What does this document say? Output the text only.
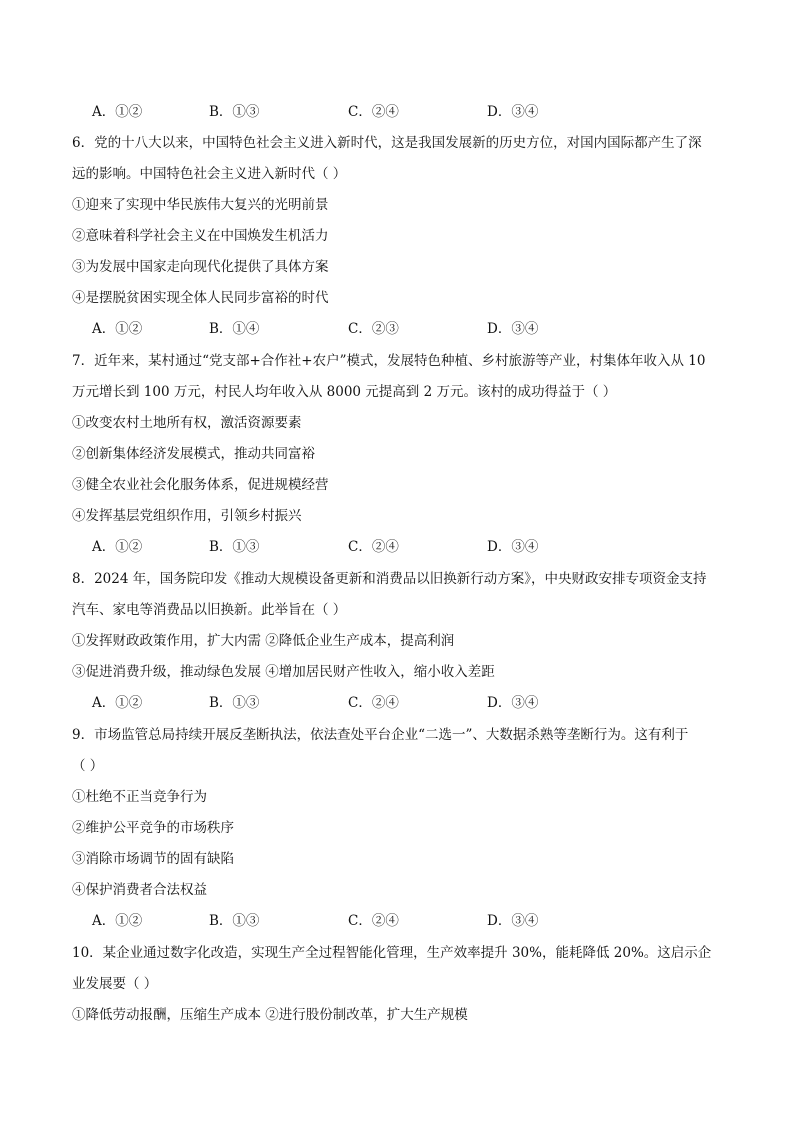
A．①②	B．①③	C．②④	D．③④
6．党的十八大以来，中国特色社会主义进入新时代，这是我国发展新的历史方位，对国内国际都产生了深
远的影响。中国特色社会主义进入新时代（ ）
①迎来了实现中华民族伟大复兴的光明前景
②意味着科学社会主义在中国焕发生机活力
③为发展中国家走向现代化提供了具体方案
④是摆脱贫困实现全体人民同步富裕的时代
A．①②	B．①④	C．②③	D．③④
7．近年来，某村通过“党支部+合作社+农户”模式，发展特色种植、乡村旅游等产业，村集体年收入从 10
万元增长到 100 万元，村民人均年收入从 8000 元提高到 2 万元。该村的成功得益于（ ）
①改变农村土地所有权，激活资源要素
②创新集体经济发展模式，推动共同富裕
③健全农业社会化服务体系，促进规模经营
④发挥基层党组织作用，引领乡村振兴
A．①②	B．①③	C．②④	D．③④
8．2024 年，国务院印发《推动大规模设备更新和消费品以旧换新行动方案》，中央财政安排专项资金支持
汽车、家电等消费品以旧换新。此举旨在（ ）
①发挥财政政策作用，扩大内需 ②降低企业生产成本，提高利润
③促进消费升级，推动绿色发展 ④增加居民财产性收入，缩小收入差距
A．①②	B．①③	C．②④	D．③④
9．市场监管总局持续开展反垄断执法，依法查处平台企业“二选一”、大数据杀熟等垄断行为。这有利于
（ ）
①杜绝不正当竞争行为
②维护公平竞争的市场秩序
③消除市场调节的固有缺陷
④保护消费者合法权益
A．①②	B．①③	C．②④	D．③④
10．某企业通过数字化改造，实现生产全过程智能化管理，生产效率提升 30%，能耗降低 20%。这启示企
业发展要（ ）
①降低劳动报酬，压缩生产成本 ②进行股份制改革，扩大生产规模
